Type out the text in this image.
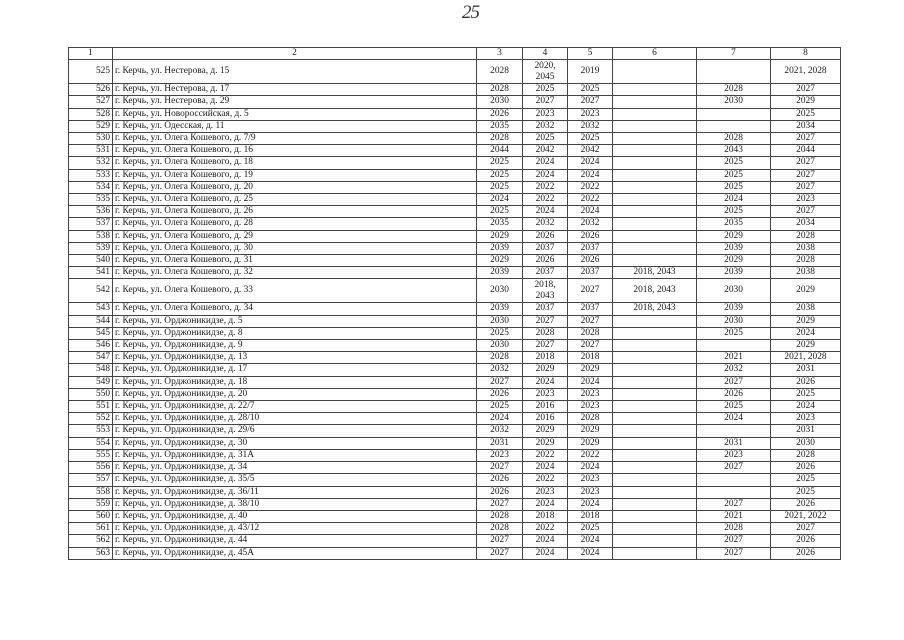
25
1	2	3	4	5	6	7	8
525	г. Керчь, ул. Нестерова, д. 15	2028	2020, 2045	2019			2021, 2028
526	г. Керчь, ул. Нестерова, д. 17	2028	2025	2025		2028	2027
527	г. Керчь, ул. Нестерова, д. 29	2030	2027	2027		2030	2029
528	г. Керчь, ул. Новороссийская, д. 5	2026	2023	2023			2025
529	г. Керчь, ул. Одесская, д. 11	2035	2032	2032			2034
530	г. Керчь, ул. Олега Кошевого, д. 7/9	2028	2025	2025		2028	2027
531	г. Керчь, ул. Олега Кошевого, д. 16	2044	2042	2042		2043	2044
532	г. Керчь, ул. Олега Кошевого, д. 18	2025	2024	2024		2025	2027
533	г. Керчь, ул. Олега Кошевого, д. 19	2025	2024	2024		2025	2027
534	г. Керчь, ул. Олега Кошевого, д. 20	2025	2022	2022		2025	2027
535	г. Керчь, ул. Олега Кошевого, д. 25	2024	2022	2022		2024	2023
536	г. Керчь, ул. Олега Кошевого, д. 26	2025	2024	2024		2025	2027
537	г. Керчь, ул. Олега Кошевого, д. 28	2035	2032	2032		2035	2034
538	г. Керчь, ул. Олега Кошевого, д. 29	2029	2026	2026		2029	2028
539	г. Керчь, ул. Олега Кошевого, д. 30	2039	2037	2037		2039	2038
540	г. Керчь, ул. Олега Кошевого, д. 31	2029	2026	2026		2029	2028
541	г. Керчь, ул. Олега Кошевого, д. 32	2039	2037	2037	2018, 2043	2039	2038
542	г. Керчь, ул. Олега Кошевого, д. 33	2030	2018, 2043	2027	2018, 2043	2030	2029
543	г. Керчь, ул. Олега Кошевого, д. 34	2039	2037	2037	2018, 2043	2039	2038
544	г. Керчь, ул. Орджоникидзе, д. 5	2030	2027	2027		2030	2029
545	г. Керчь, ул. Орджоникидзе, д. 8	2025	2028	2028		2025	2024
546	г. Керчь, ул. Орджоникидзе, д. 9	2030	2027	2027			2029
547	г. Керчь, ул. Орджоникидзе, д. 13	2028	2018	2018		2021	2021, 2028
548	г. Керчь, ул. Орджоникидзе, д. 17	2032	2029	2029		2032	2031
549	г. Керчь, ул. Орджоникидзе, д. 18	2027	2024	2024		2027	2026
550	г. Керчь, ул. Орджоникидзе, д. 20	2026	2023	2023		2026	2025
551	г. Керчь, ул. Орджоникидзе, д. 22/7	2025	2016	2023		2025	2024
552	г. Керчь, ул. Орджоникидзе, д. 28/10	2024	2016	2028		2024	2023
553	г. Керчь, ул. Орджоникидзе, д. 29/6	2032	2029	2029			2031
554	г. Керчь, ул. Орджоникидзе, д. 30	2031	2029	2029		2031	2030
555	г. Керчь, ул. Орджоникидзе, д. 31А	2023	2022	2022		2023	2028
556	г. Керчь, ул. Орджоникидзе, д. 34	2027	2024	2024		2027	2026
557	г. Керчь, ул. Орджоникидзе, д. 35/5	2026	2022	2023			2025
558	г. Керчь, ул. Орджоникидзе, д. 36/11	2026	2023	2023			2025
559	г. Керчь, ул. Орджоникидзе, д. 38/10	2027	2024	2024		2027	2026
560	г. Керчь, ул. Орджоникидзе, д. 40	2028	2018	2018		2021	2021, 2022
561	г. Керчь, ул. Орджоникидзе, д. 43/12	2028	2022	2025		2028	2027
562	г. Керчь, ул. Орджоникидзе, д. 44	2027	2024	2024		2027	2026
563	г. Керчь, ул. Орджоникидзе, д. 45А	2027	2024	2024		2027	2026
